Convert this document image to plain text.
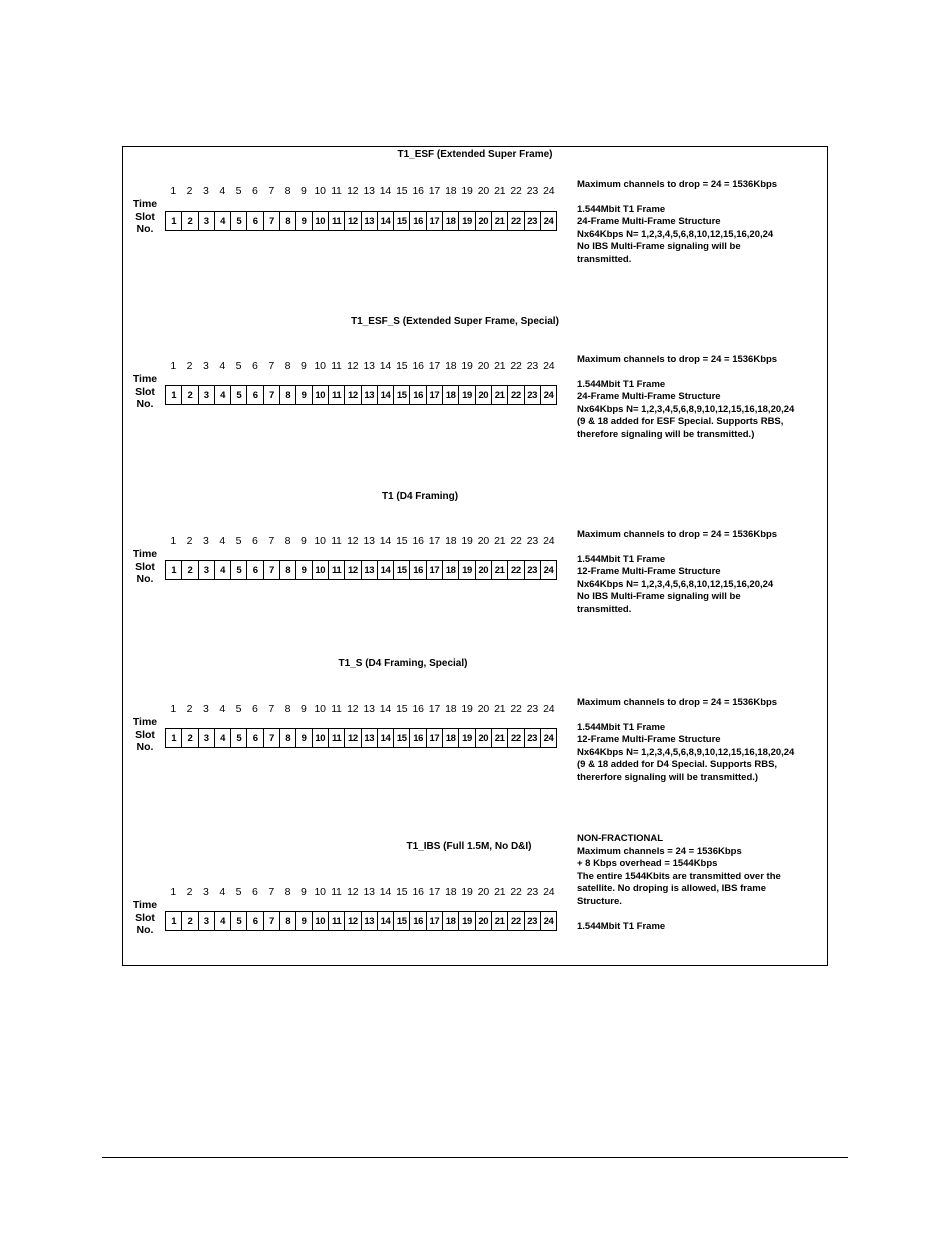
T1_ESF (Extended Super Frame)
1	2	3	4	5	6	7	8	9 10 11 12 13 14 15 16 17 18 19 20 21 22 23 24
Time
Slot
No.
1	2	3	4	5	6	7	8	9 10 11 12 13 14 15 16 17 18 19 20 21 22 23 24
Maximum channels to drop = 24 = 1536Kbps
1.544Mbit T1 Frame
24-Frame Multi-Frame Structure
Nx64Kbps N= 1,2,3,4,5,6,8,10,12,15,16,20,24
No IBS Multi-Frame signaling will be
transmitted.
T1_ESF_S (Extended Super Frame, Special)
1	2	3	4	5	6	7	8	9 10 11 12 13 14 15 16 17 18 19 20 21 22 23 24
Time
Slot
No.
1	2	3	4	5	6	7	8	9 10 11 12 13 14 15 16 17 18 19 20 21 22 23 24
Maximum channels to drop = 24 = 1536Kbps
1.544Mbit T1 Frame
24-Frame Multi-Frame Structure
Nx64Kbps N= 1,2,3,4,5,6,8,9,10,12,15,16,18,20,24
(9 & 18 added for ESF Special. Supports RBS,
therefore signaling will be transmitted.)
T1 (D4 Framing)
1	2	3	4	5	6	7	8	9 10 11 12 13 14 15 16 17 18 19 20 21 22 23 24
Time
Slot
No.
1	2	3	4	5	6	7	8	9 10 11 12 13 14 15 16 17 18 19 20 21 22 23 24
Maximum channels to drop = 24 = 1536Kbps
1.544Mbit T1 Frame
12-Frame Multi-Frame Structure
Nx64Kbps N= 1,2,3,4,5,6,8,10,12,15,16,20,24
No IBS Multi-Frame signaling will be
transmitted.
T1_S (D4 Framing, Special)
1	2	3	4	5	6	7	8	9 10 11 12 13 14 15 16 17 18 19 20 21 22 23 24
Time
Slot
No.
1	2	3	4	5	6	7	8	9 10 11 12 13 14 15 16 17 18 19 20 21 22 23 24
Maximum channels to drop = 24 = 1536Kbps
1.544Mbit T1 Frame
12-Frame Multi-Frame Structure
Nx64Kbps N= 1,2,3,4,5,6,8,9,10,12,15,16,18,20,24
(9 & 18 added for D4 Special. Supports RBS,
thererfore signaling will be transmitted.)
T1_IBS (Full 1.5M, No D&I)
1	2	3	4	5	6	7	8	9 10 11 12 13 14 15 16 17 18 19 20 21 22 23 24
Time
Slot
No.
1	2	3	4	5	6	7	8	9 10 11 12 13 14 15 16 17 18 19 20 21 22 23 24
NON-FRACTIONAL
Maximum channels = 24 = 1536Kbps
+ 8 Kbps overhead = 1544Kbps
The entire 1544Kbits are transmitted over the
satellite. No droping is allowed, IBS frame
Structure.
1.544Mbit T1 Frame
